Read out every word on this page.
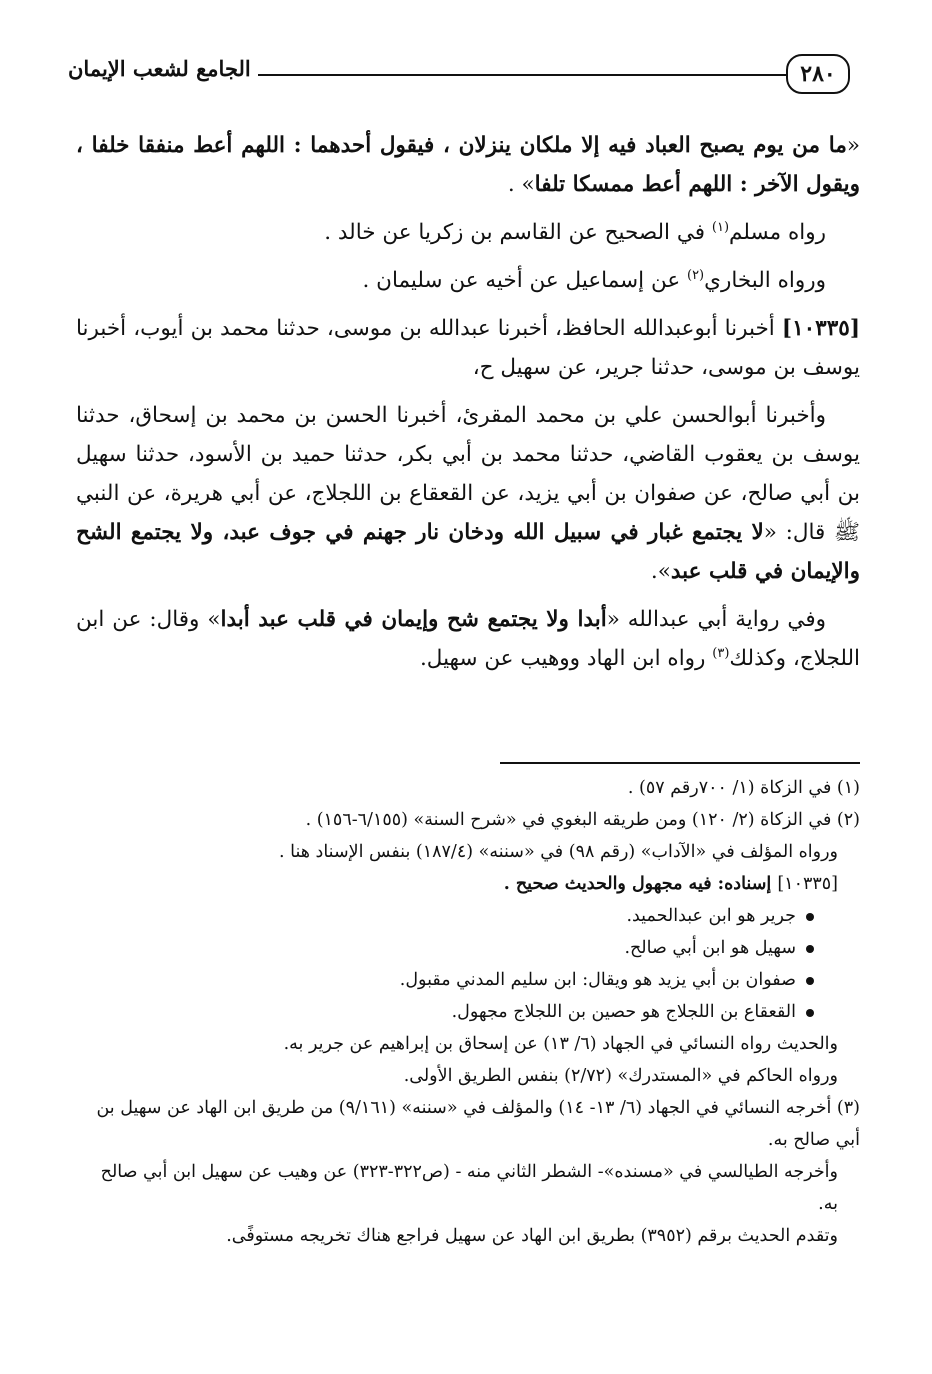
٢٨٠
الجامع لشعب الإيمان

«ما من يوم يصبح العباد فيه إلا ملكان ينزلان ، فيقول أحدهما : اللهم أعط منفقا خلفا ، ويقول الآخر : اللهم أعط ممسكا تلفا» .

رواه مسلم$^{(١)}$ في الصحيح عن القاسم بن زكريا عن خالد .

ورواه البخاري$^{(٢)}$ عن إسماعيل عن أخيه عن سليمان .

[١٠٣٣٥] أخبرنا أبوعبدالله الحافظ، أخبرنا عبدالله بن موسى، حدثنا محمد بن أيوب، أخبرنا يوسف بن موسى، حدثنا جرير، عن سهيل ح،

وأخبرنا أبوالحسن علي بن محمد المقرئ، أخبرنا الحسن بن محمد بن إسحاق، حدثنا يوسف بن يعقوب القاضي، حدثنا محمد بن أبي بكر، حدثنا حميد بن الأسود، حدثنا سهيل بن أبي صالح، عن صفوان بن أبي يزيد، عن القعقاع بن اللجلاج، عن أبي هريرة، عن النبي ﷺ قال: «لا يجتمع غبار في سبيل الله ودخان نار جهنم في جوف عبد، ولا يجتمع الشح والإيمان في قلب عبد».

وفي رواية أبي عبدالله «أبدا ولا يجتمع شح وإيمان في قلب عبد أبدا» وقال: عن ابن اللجلاج، وكذلك$^{(٣)}$ رواه ابن الهاد ووهيب عن سهيل.

(١) في الزكاة (١/ ٧٠٠رقم ٥٧) .

(٢) في الزكاة (٢/ ١٢٠) ومن طريقه البغوي في «شرح السنة» (٦/١٥٥-١٥٦) .

ورواه المؤلف في «الآداب» (رقم ٩٨) في «سننه» (١٨٧/٤) بنفس الإسناد هنا .

[١٠٣٣٥] إسناده: فيه مجهول والحديث صحيح .

جرير هو ابن عبدالحميد.
سهيل هو ابن أبي صالح.
صفوان بن أبي يزيد هو ويقال: ابن سليم المدني مقبول.
القعقاع بن اللجلاج هو حصين بن اللجلاج مجهول.

والحديث رواه النسائي في الجهاد (٦/ ١٣) عن إسحاق بن إبراهيم عن جرير به.

ورواه الحاكم في «المستدرك» (٢/٧٢) بنفس الطريق الأولى.

(٣) أخرجه النسائي في الجهاد (٦/ ١٣- ١٤) والمؤلف في «سننه» (٩/١٦١) من طريق ابن الهاد عن سهيل بن أبي صالح به.

وأخرجه الطيالسي في «مسنده»- الشطر الثاني منه - (ص٣٢٢-٣٢٣) عن وهيب عن سهيل ابن أبي صالح به.

وتقدم الحديث برقم (٣٩٥٢) بطريق ابن الهاد عن سهيل فراجع هناك تخريجه مستوفًى.
